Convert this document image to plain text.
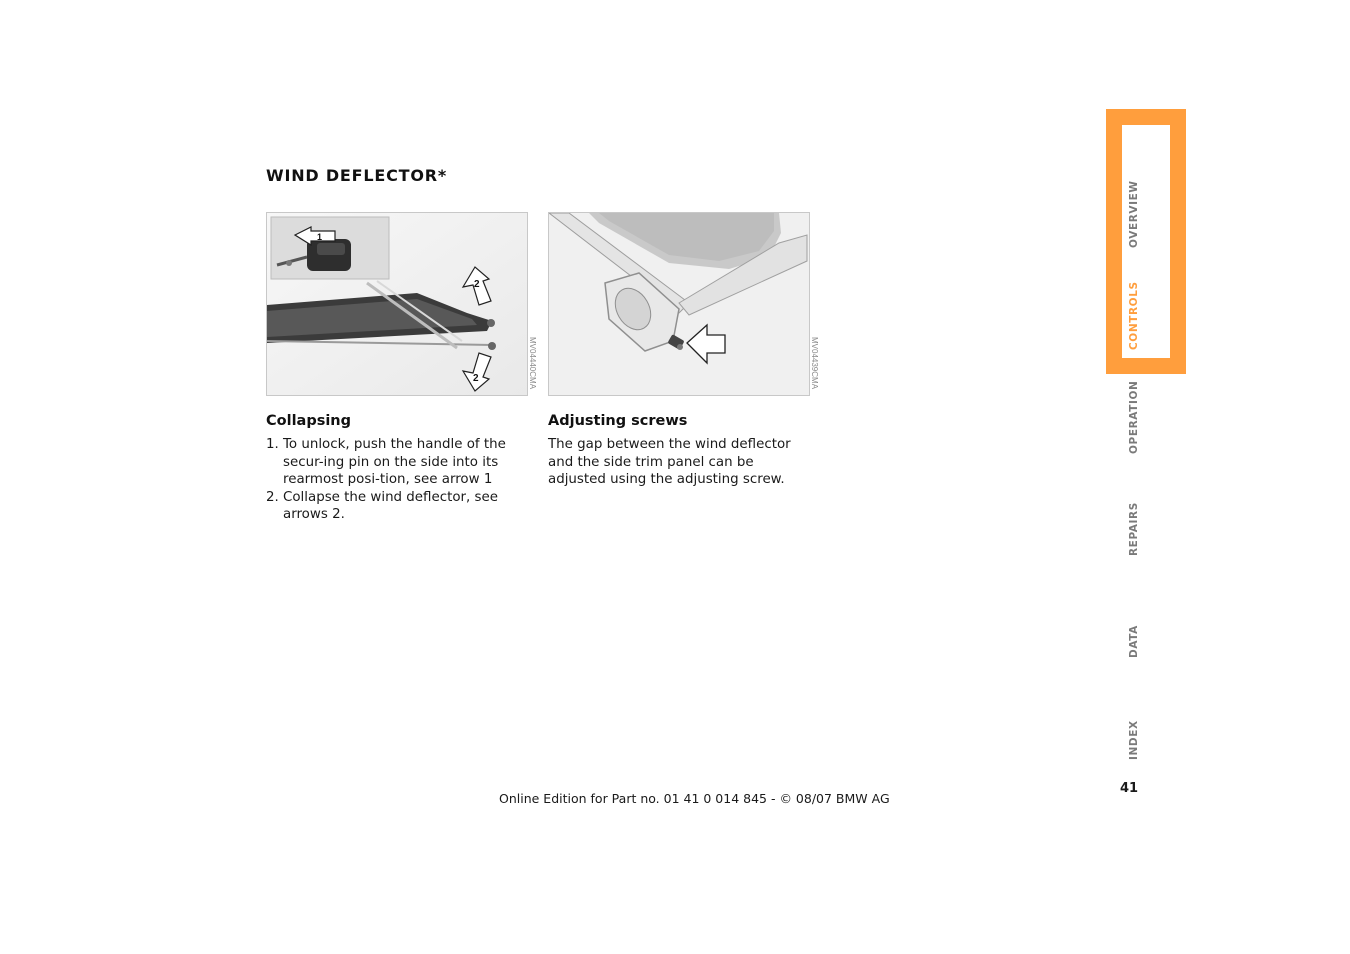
WIND DEFLECTOR*
1
2
2	MV04440CMA	MV04439CMA
Collapsing
1. To unlock, push the handle of the secur-ing pin on the side into its rearmost posi-tion, see arrow 1
2. Collapse the wind deflector, see arrows 2.
Adjusting screws

The gap between the wind deflector and the side trim panel can be adjusted using the adjusting screw.

Online Edition for Part no. 01 41 0 014 845 - © 08/07 BMW AG
41
OVERVIEW
CONTROLS
OPERATION
REPAIRS
DATA
INDEX
